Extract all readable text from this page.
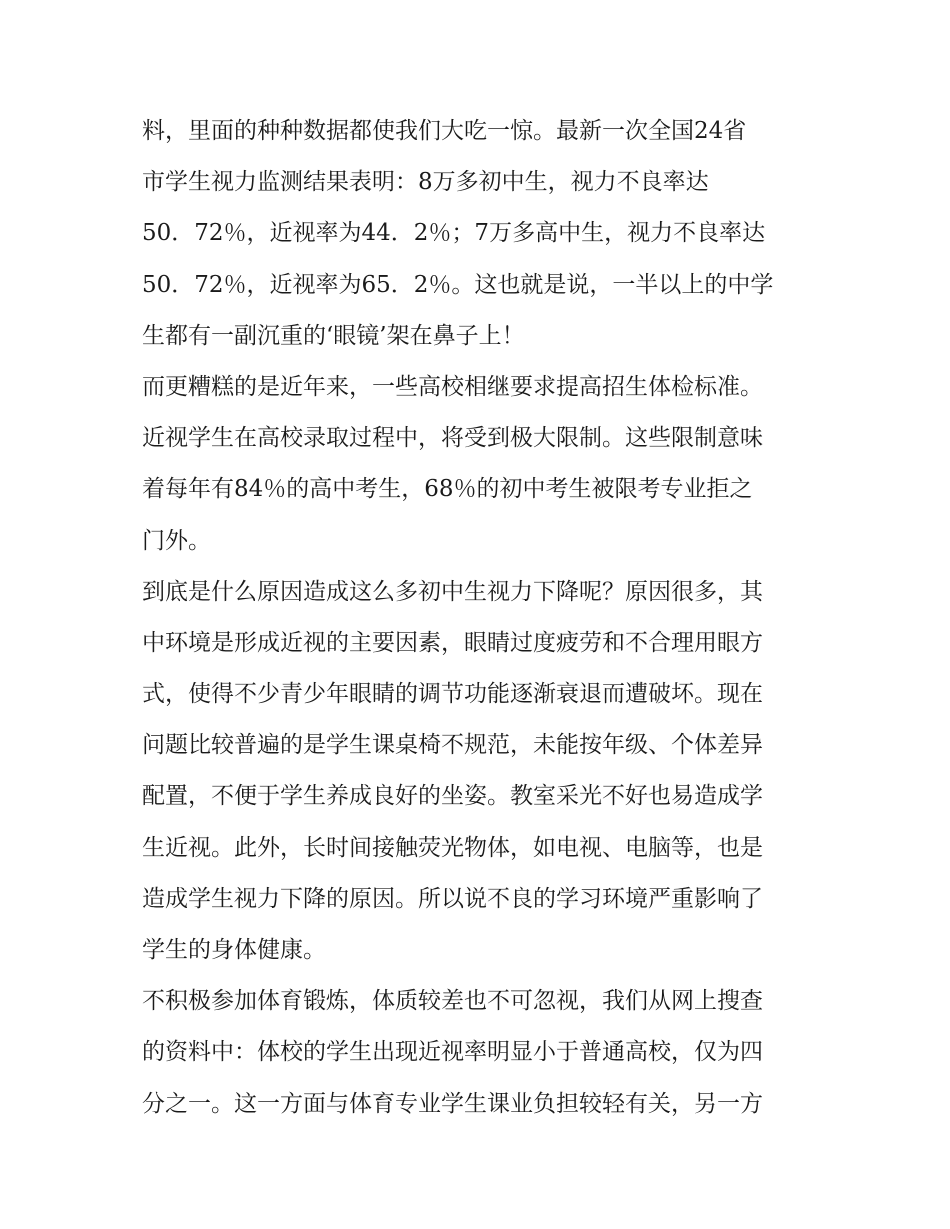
料，里面的种种数据都使我们大吃一惊。最新一次全国24省
市学生视力监测结果表明：8万多初中生，视力不良率达
50．72％，近视率为44．2％；7万多高中生，视力不良率达
50．72％，近视率为65．2％。这也就是说，一半以上的中学
生都有一副沉重的‘眼镜’架在鼻子上！
而更糟糕的是近年来，一些高校相继要求提高招生体检标准。
近视学生在高校录取过程中，将受到极大限制。这些限制意味
着每年有84％的高中考生，68％的初中考生被限考专业拒之
门外。
到底是什么原因造成这么多初中生视力下降呢？原因很多，其
中环境是形成近视的主要因素，眼睛过度疲劳和不合理用眼方
式，使得不少青少年眼睛的调节功能逐渐衰退而遭破坏。现在
问题比较普遍的是学生课桌椅不规范，未能按年级、个体差异
配置，不便于学生养成良好的坐姿。教室采光不好也易造成学
生近视。此外，长时间接触荧光物体，如电视、电脑等，也是
造成学生视力下降的原因。所以说不良的学习环境严重影响了
学生的身体健康。
不积极参加体育锻炼，体质较差也不可忽视，我们从网上搜查
的资料中：体校的学生出现近视率明显小于普通高校，仅为四
分之一。这一方面与体育专业学生课业负担较轻有关，另一方
